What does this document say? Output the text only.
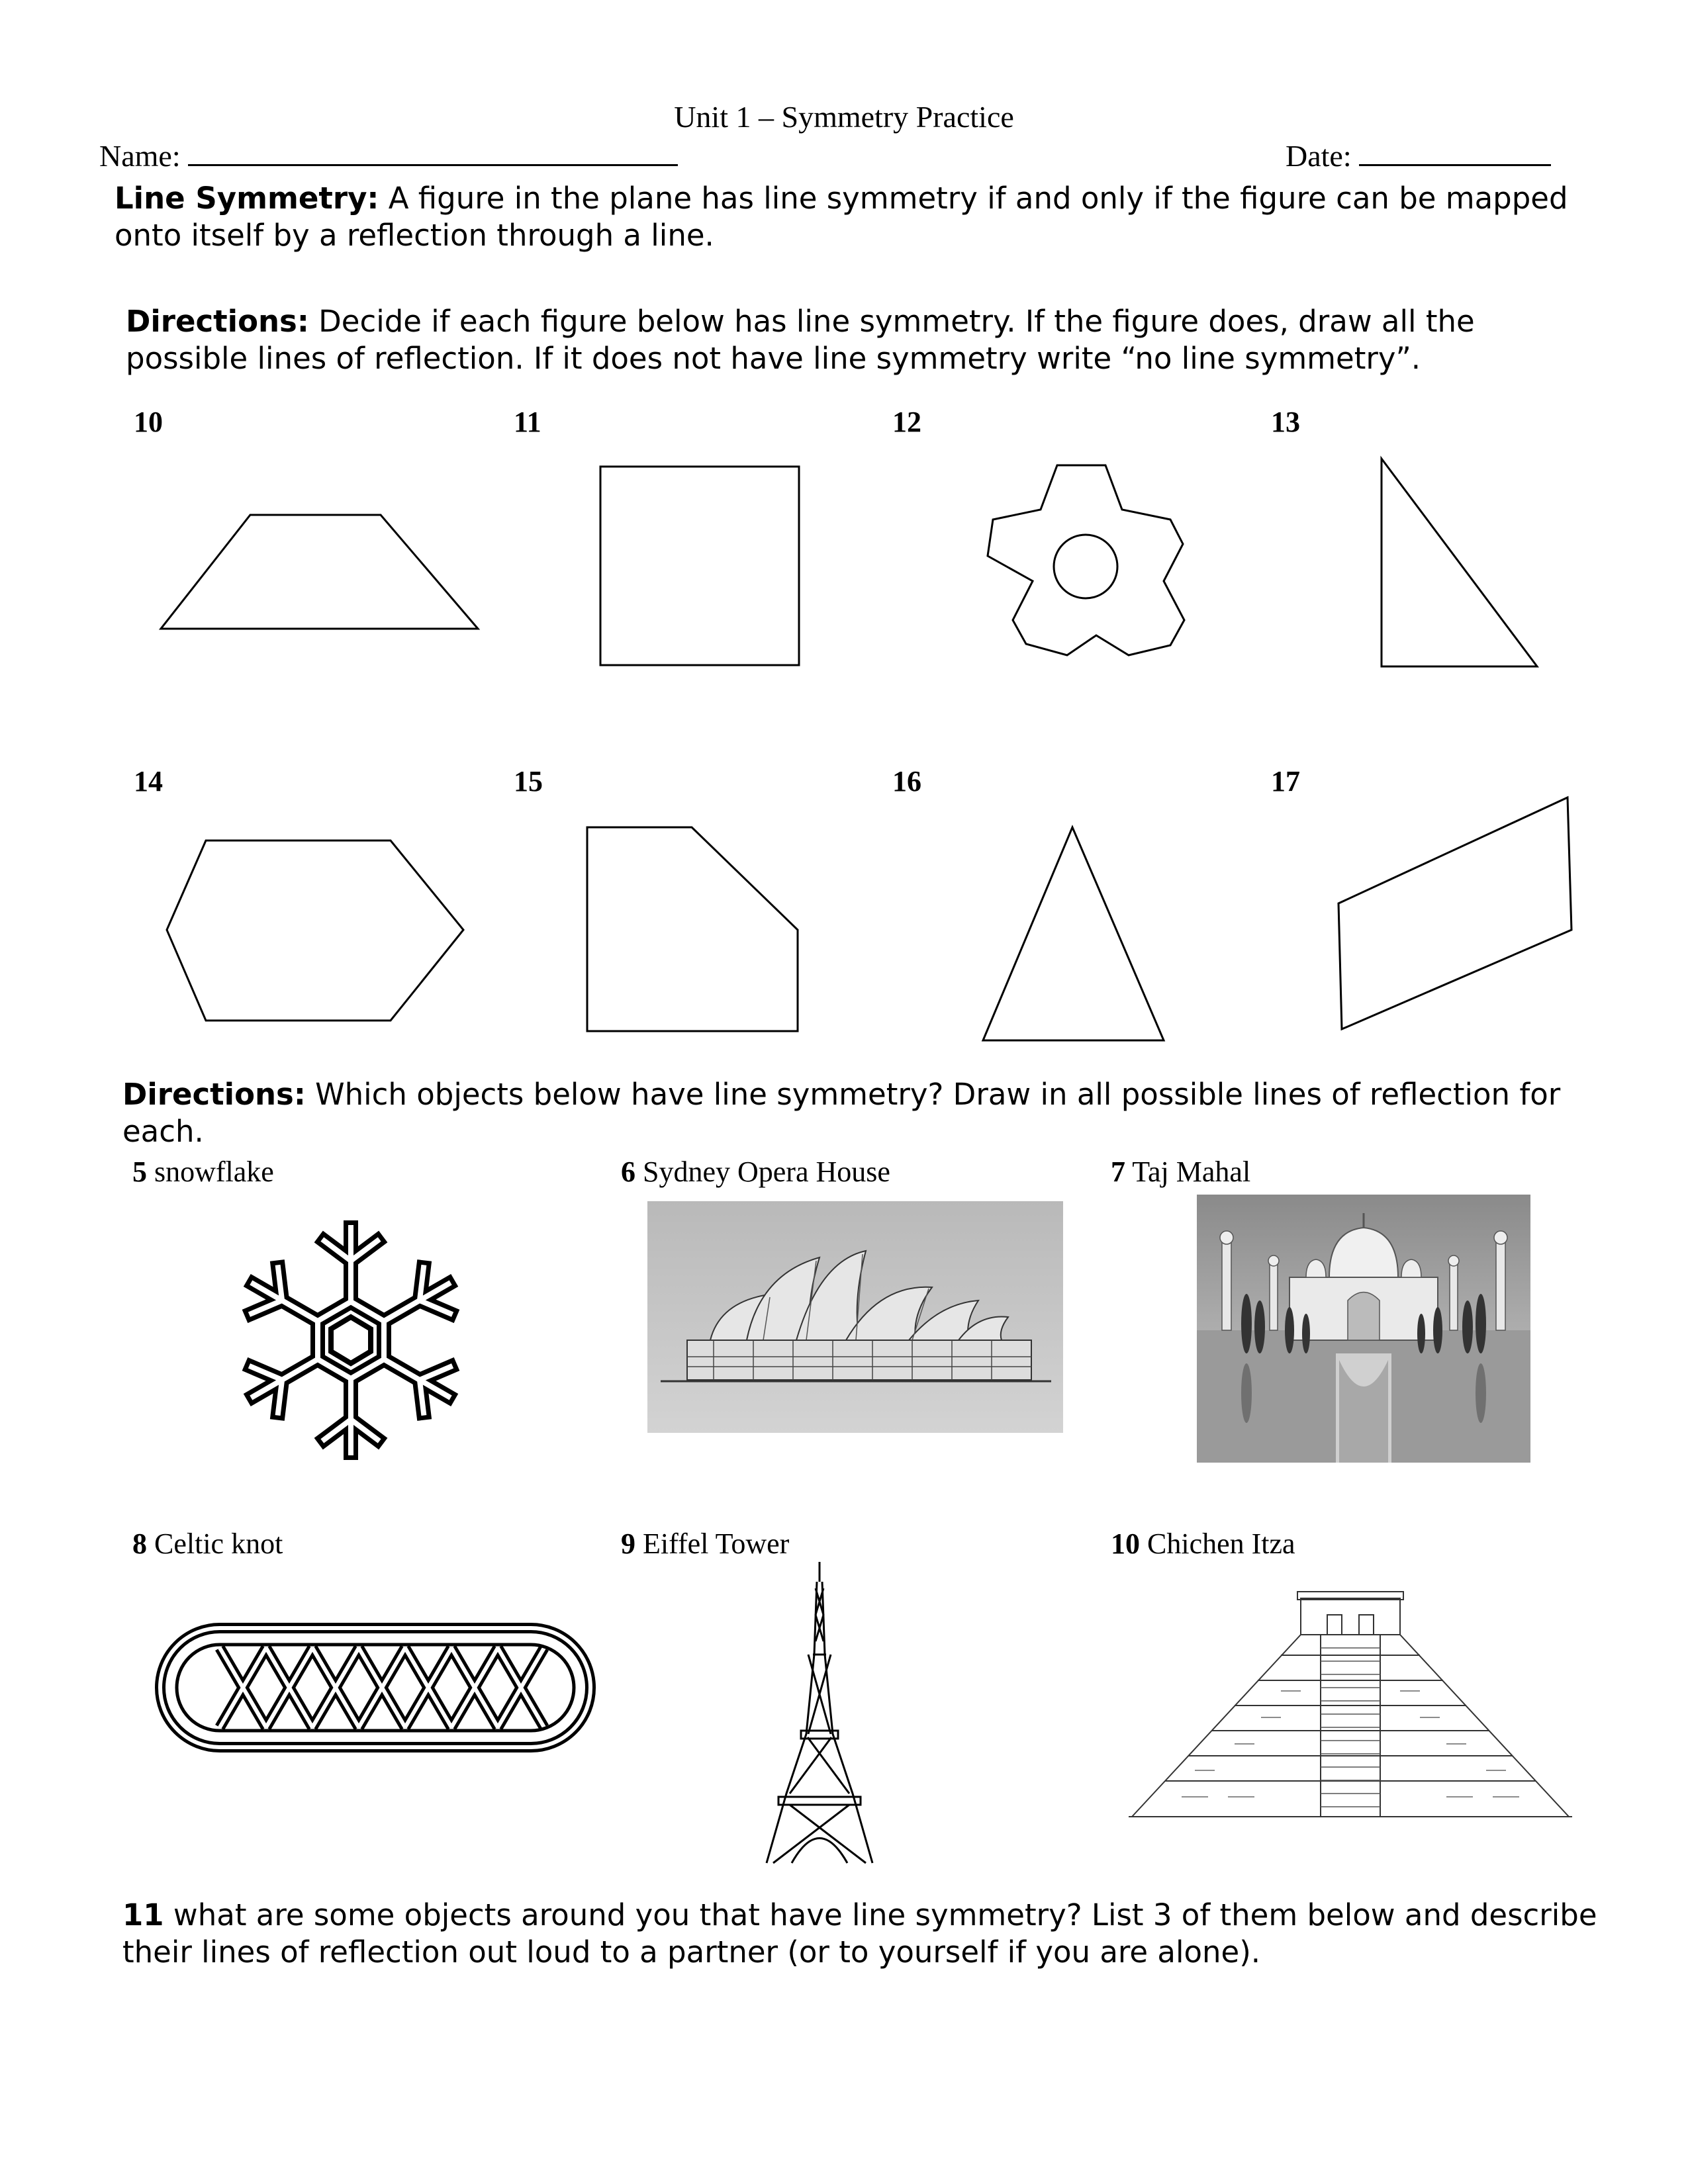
Unit 1 – Symmetry Practice
Name:	Date:
Line Symmetry: A figure in the plane has line symmetry if and only if the figure can be mapped onto itself by a reflection through a line.
Directions: Decide if each figure below has line symmetry. If the figure does, draw all the possible lines of reflection. If it does not have line symmetry write “no line symmetry”.
10	11	12	13
14	15	16	17
Directions: Which objects below have line symmetry? Draw in all possible lines of reflection for each.
5 snowflake	6 Sydney Opera House	7 Taj Mahal
8 Celtic knot	9 Eiffel Tower	10 Chichen Itza
11 what are some objects around you that have line symmetry? List 3 of them below and describe their lines of reflection out loud to a partner (or to yourself if you are alone).
